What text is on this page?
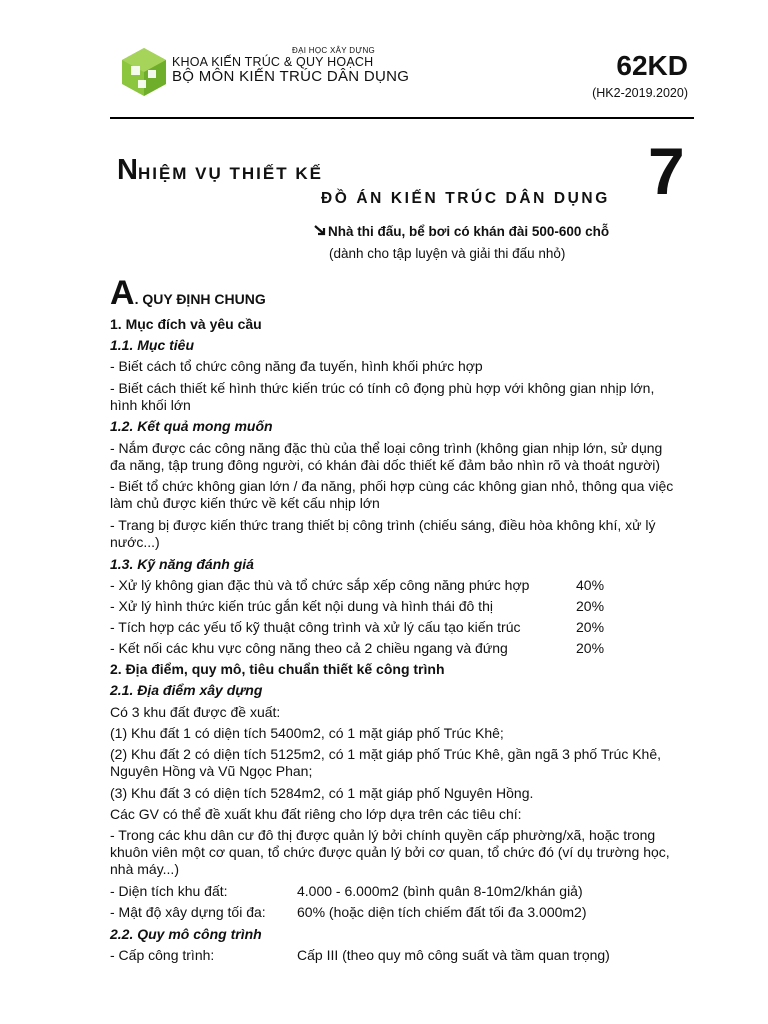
ĐẠI HỌC XÂY DỰNG
KHOA KIẾN TRÚC & QUY HOẠCH
BỘ MÔN KIẾN TRÚC DÂN DỤNG	62KD
(HK2-2019.2020)
NHIỆM VỤ THIẾT KẾ
ĐỒ ÁN KIẾN TRÚC DÂN DỤNG 7
Nhà thi đấu, bể bơi có khán đài 500-600 chỗ
(dành cho tập luyện và giải thi đấu nhỏ)
A. QUY ĐỊNH CHUNG
1. Mục đích và yêu cầu
1.1. Mục tiêu
- Biết cách tổ chức công năng đa tuyến, hình khối phức hợp
- Biết cách thiết kế hình thức kiến trúc có tính cô đọng phù hợp với không gian nhịp lớn,
hình khối lớn
1.2. Kết quả mong muốn
- Nắm được các công năng đặc thù của thể loại công trình (không gian nhịp lớn, sử dụng
đa năng, tập trung đông người, có khán đài dốc thiết kế đảm bảo nhìn rõ và thoát người)
- Biết tổ chức không gian lớn / đa năng, phối hợp cùng các không gian nhỏ, thông qua việc
làm chủ được kiến thức về kết cấu nhịp lớn
- Trang bị được kiến thức trang thiết bị công trình (chiếu sáng, điều hòa không khí, xử lý
nước...)
1.3. Kỹ năng đánh giá
- Xử lý không gian đặc thù và tổ chức sắp xếp công năng phức hợp	40%
- Xử lý hình thức kiến trúc gắn kết nội dung và hình thái đô thị	20%
- Tích hợp các yếu tố kỹ thuật công trình và xử lý cấu tạo kiến trúc	20%
- Kết nối các khu vực công năng theo cả 2 chiều ngang và đứng	20%
2. Địa điểm, quy mô, tiêu chuẩn thiết kế công trình
2.1. Địa điểm xây dựng
Có 3 khu đất được đề xuất:
(1) Khu đất 1 có diện tích 5400m2, có 1 mặt giáp phố Trúc Khê;
(2) Khu đất 2 có diện tích 5125m2, có 1 mặt giáp phố Trúc Khê, gần ngã 3 phố Trúc Khê,
Nguyên Hồng và Vũ Ngọc Phan;
(3) Khu đất 3 có diện tích 5284m2, có 1 mặt giáp phố Nguyên Hồng.
Các GV có thể đề xuất khu đất riêng cho lớp dựa trên các tiêu chí:
- Trong các khu dân cư đô thị được quản lý bởi chính quyền cấp phường/xã, hoặc trong
khuôn viên một cơ quan, tổ chức được quản lý bởi cơ quan, tổ chức đó (ví dụ trường học,
nhà máy...)
- Diện tích khu đất:	4.000 - 6.000m2 (bình quân 8-10m2/khán giả)
- Mật độ xây dựng tối đa: 60% (hoặc diện tích chiếm đất tối đa 3.000m2)
2.2. Quy mô công trình
- Cấp công trình:	Cấp III (theo quy mô công suất và tầm quan trọng)
